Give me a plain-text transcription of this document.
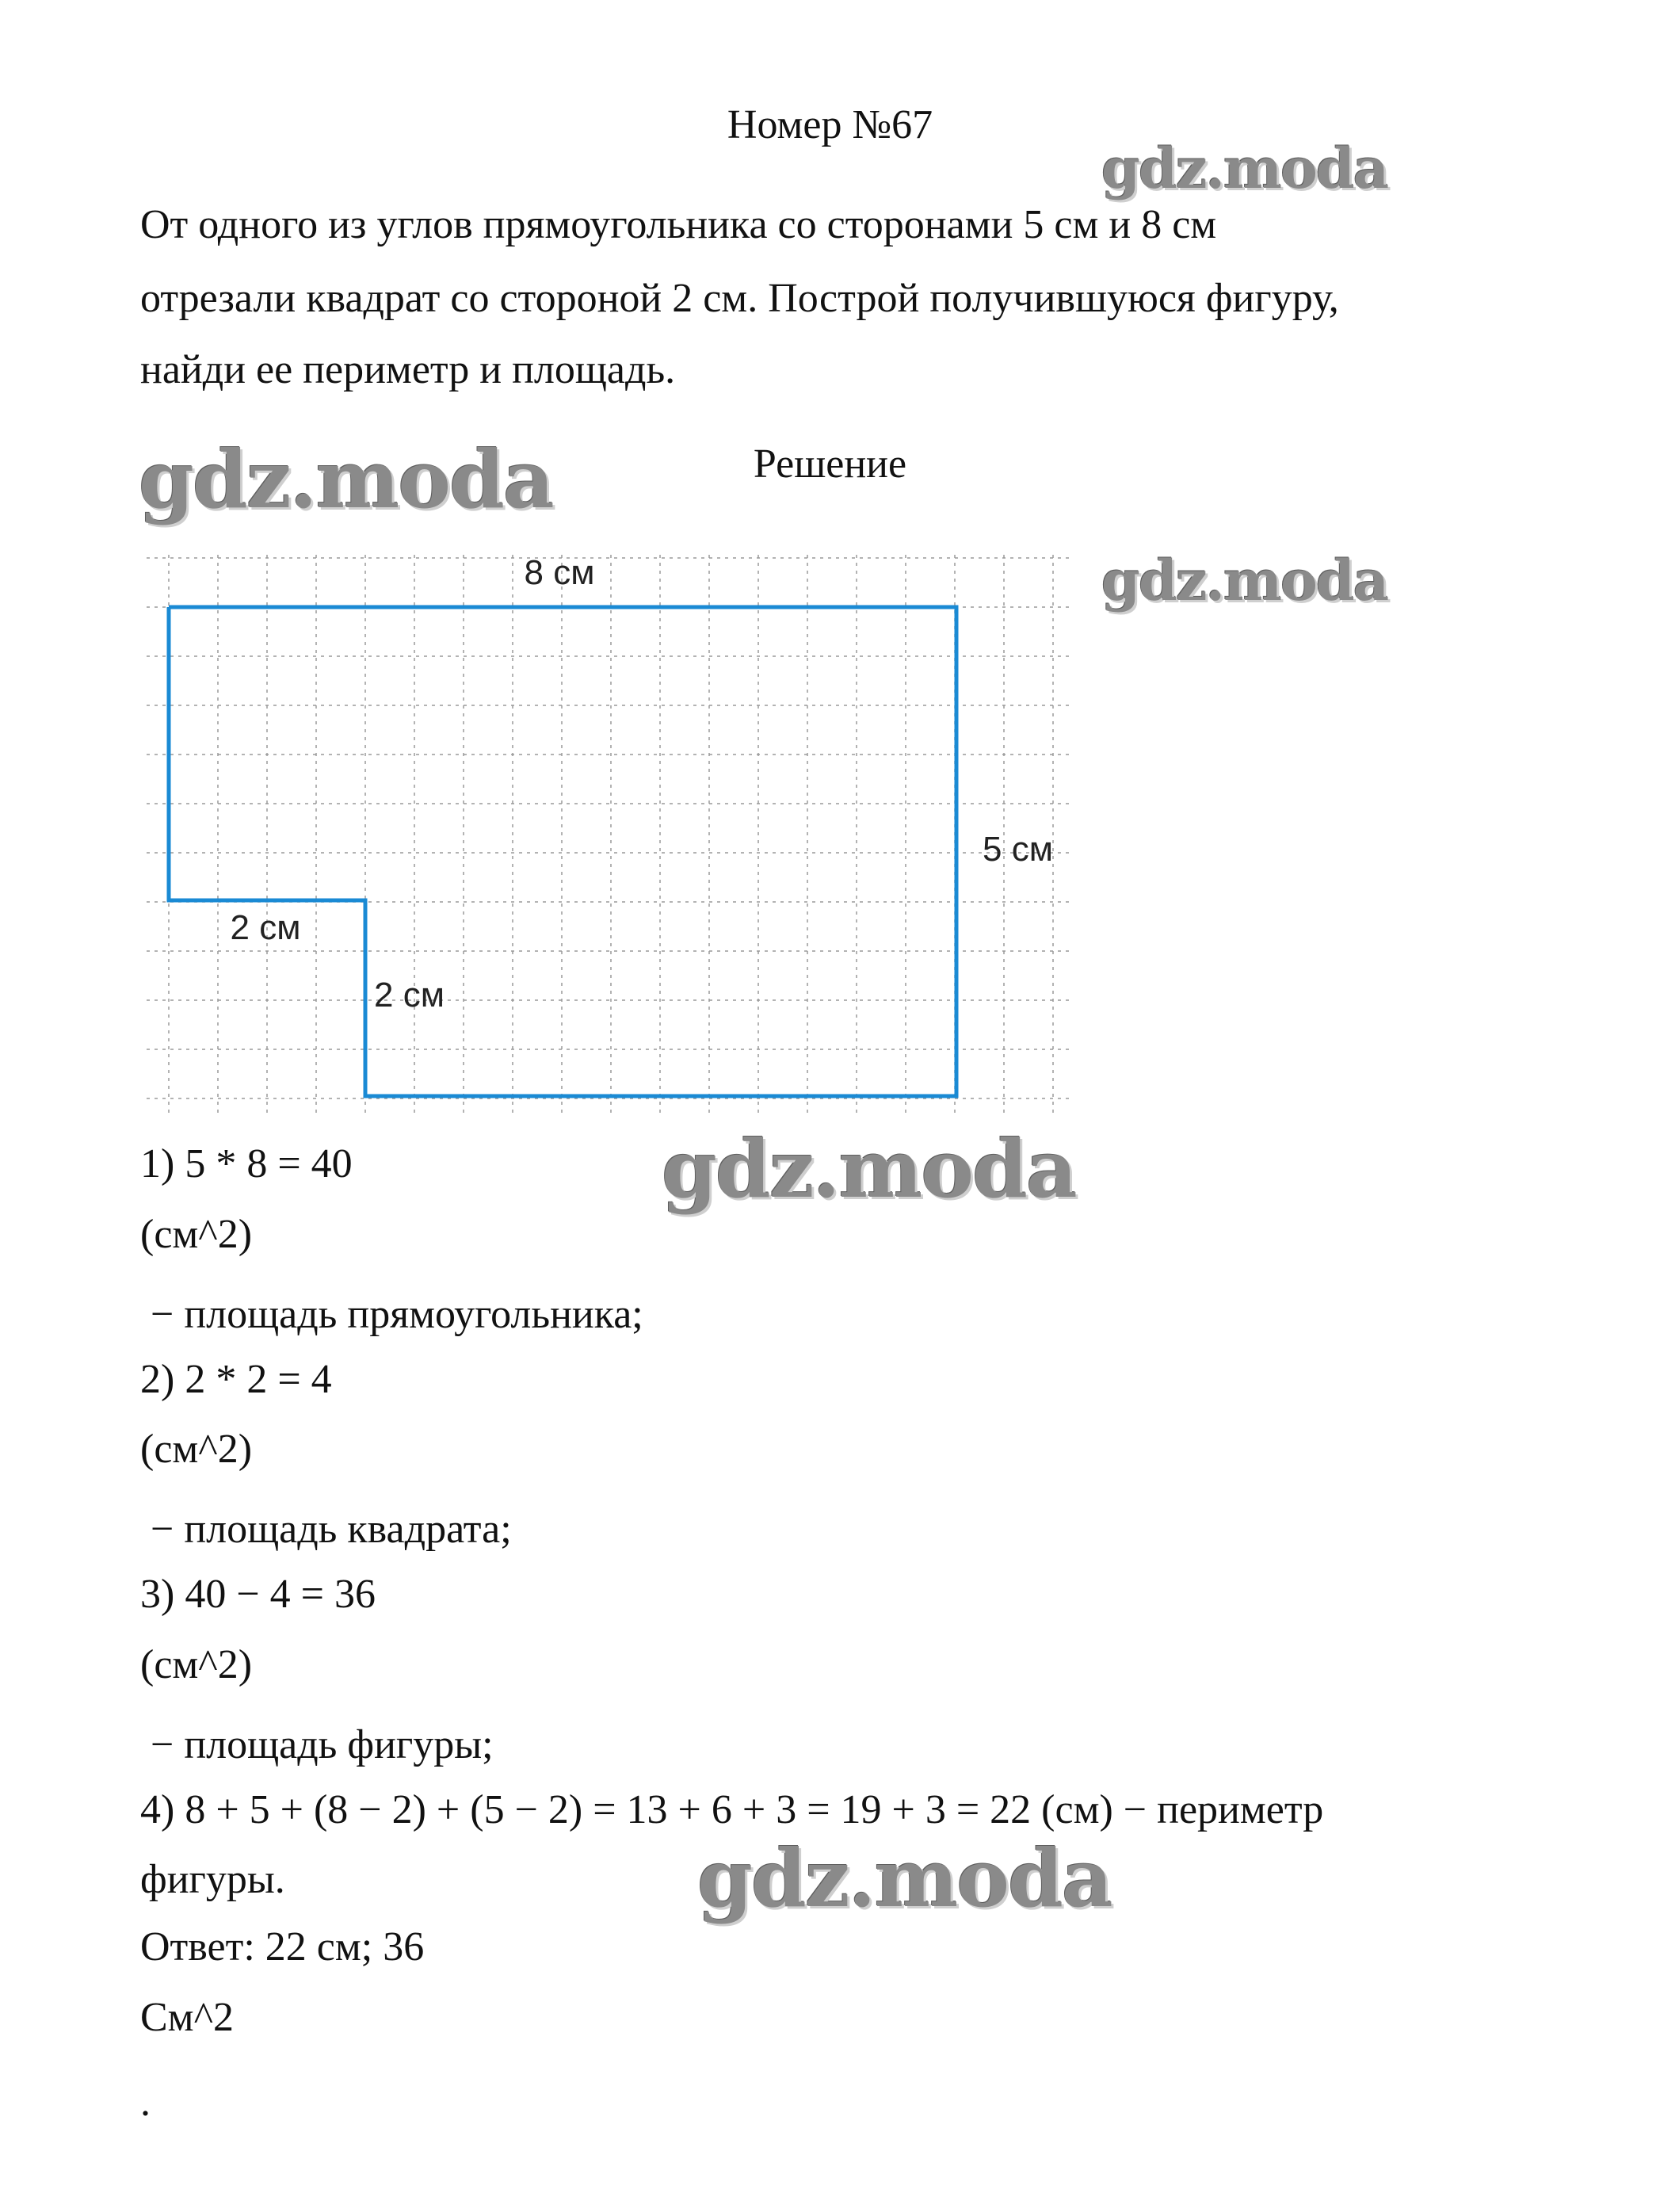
Номер №67
От одного из углов прямоугольника со сторонами 5 см и 8 см
отрезали квадрат со стороной 2 см. Построй получившуюся фигуру,
найди ее периметр и площадь.
Решение
gdz.moda
gdz.moda
gdz.moda
gdz.moda
gdz.moda
8 см
5 см
2 см
2 см
1) 5 * 8 = 40
(см^2)
− площадь прямоугольника;
2) 2 * 2 = 4
(см^2)
− площадь квадрата;
3) 40 − 4 = 36
(см^2)
− площадь фигуры;
4) 8 + 5 + (8 − 2) + (5 − 2) = 13 + 6 + 3 = 19 + 3 = 22 (см) − периметр
фигуры.
Ответ: 22 см; 36
См^2
.
